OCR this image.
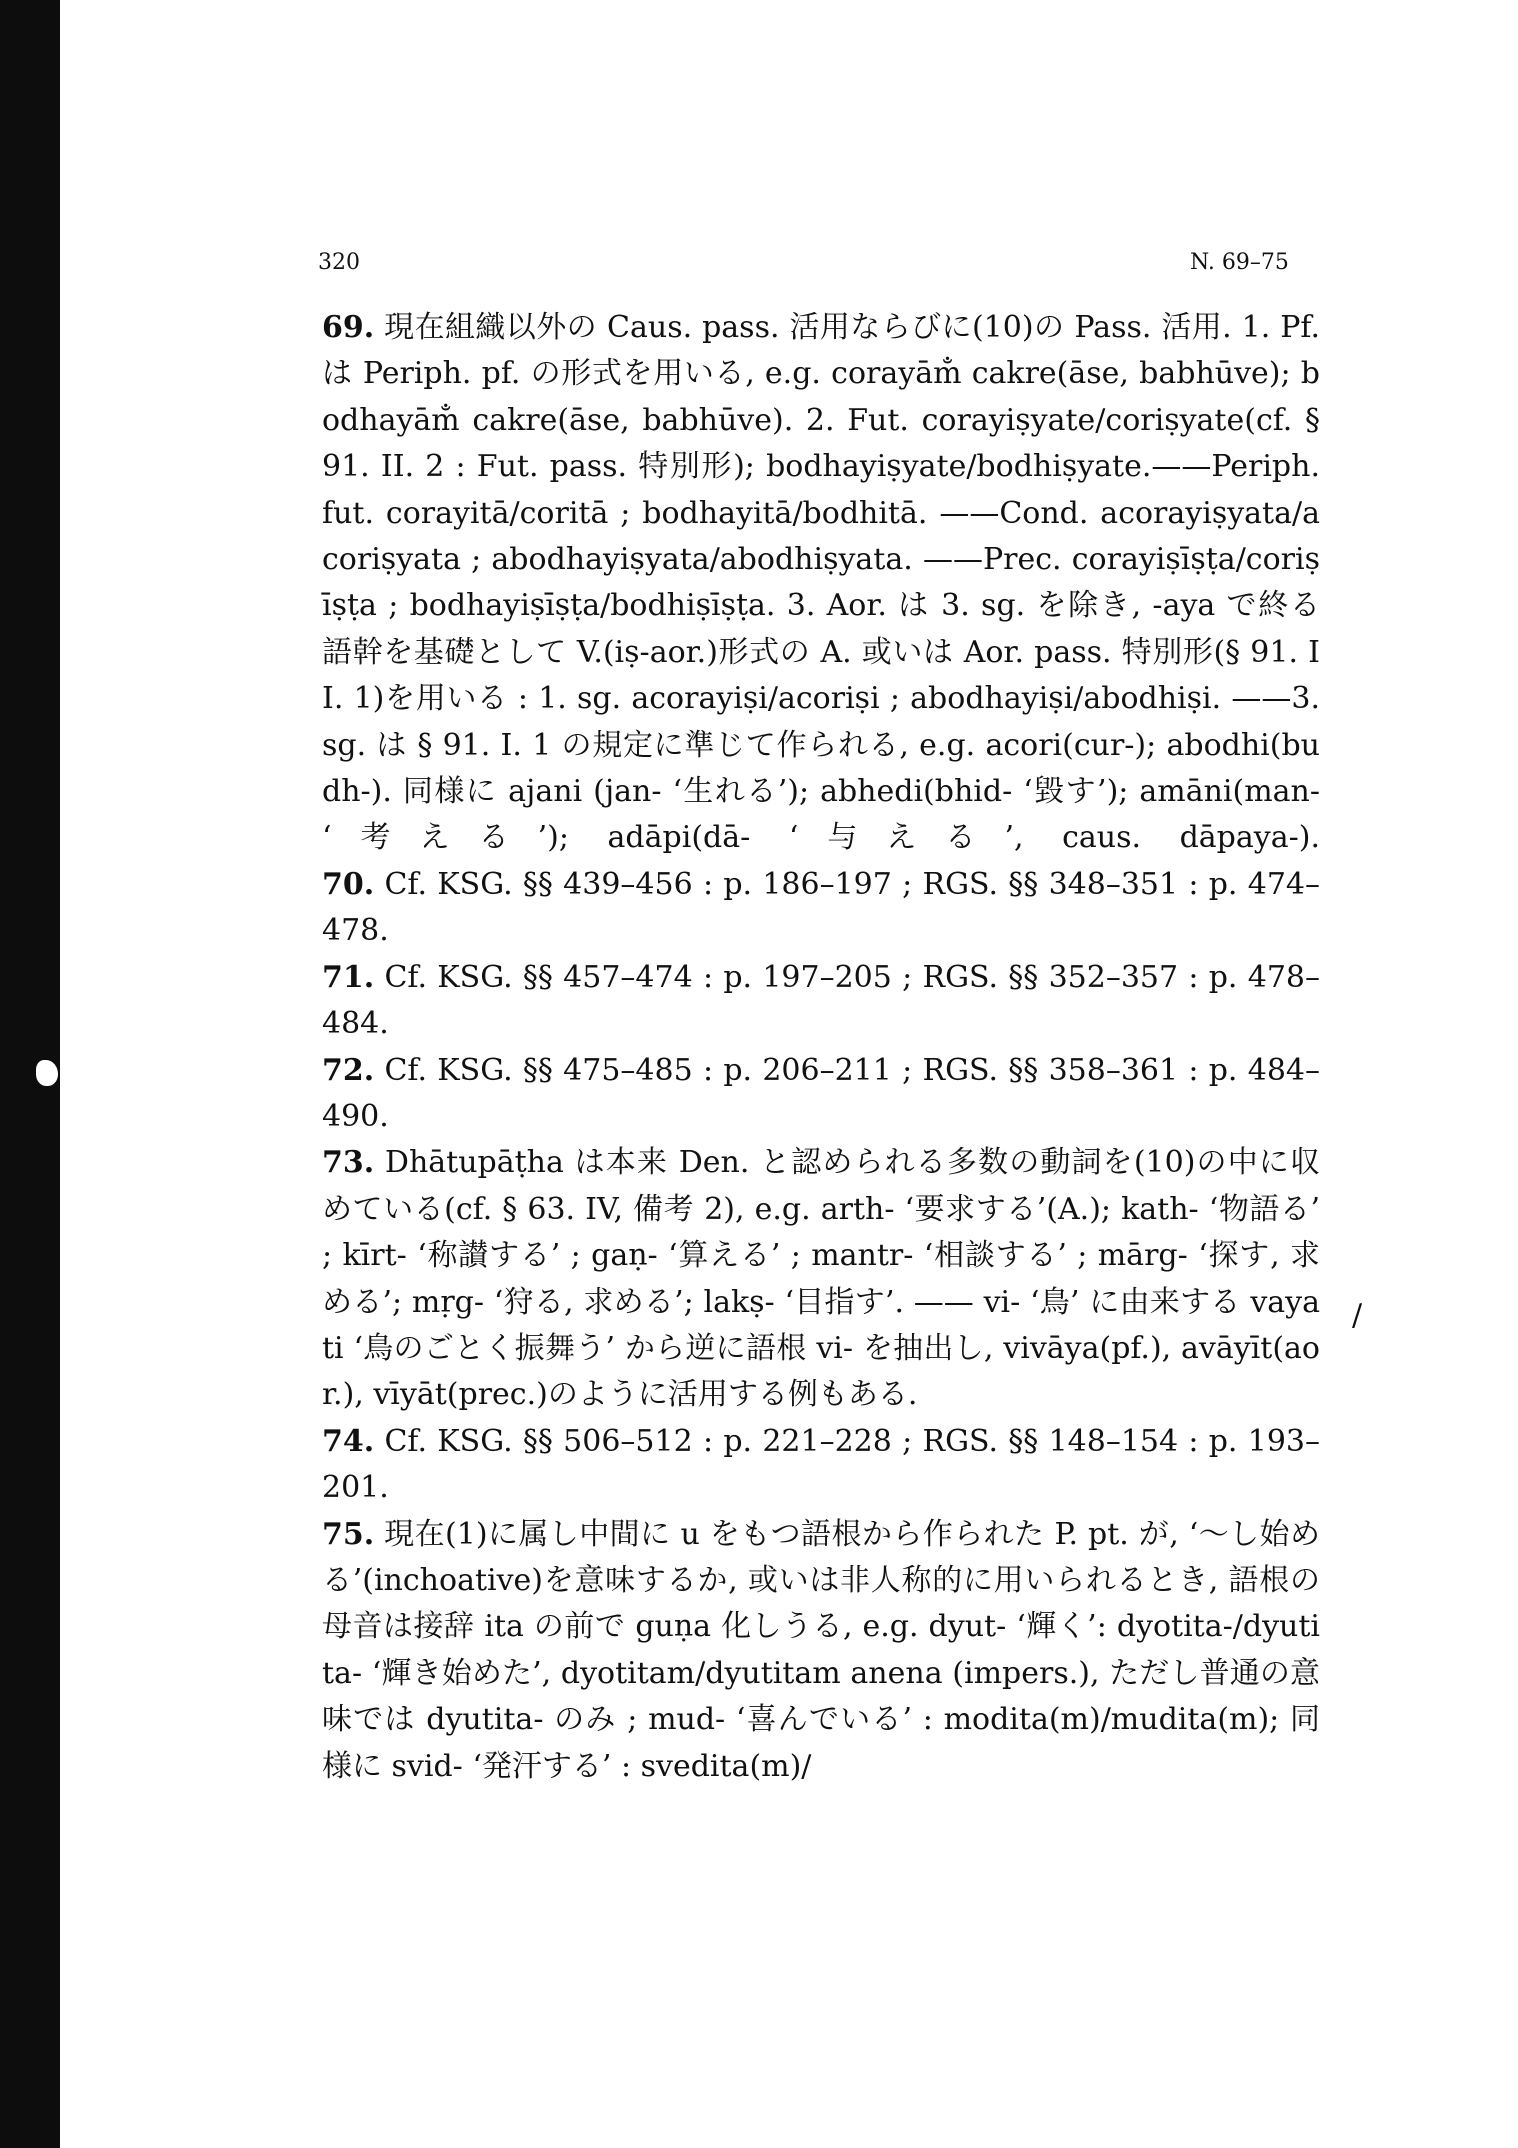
320	N. 69–75
/

69. 現在組織以外の Caus. pass. 活用ならびに(10)の Pass. 活用. 1. Pf. は Periph. pf. の形式を用いる, e.g. corayām̐ cakre(āse, babhūve); bodhayām̐ cakre(āse, babhūve). 2. Fut. corayiṣyate/coriṣyate(cf. § 91. II. 2 : Fut. pass. 特別形); bodhayiṣyate/bodhiṣyate.——Periph. fut. corayitā/coritā ; bodhayitā/bodhitā. ——Cond. acorayiṣyata/acoriṣyata ; abodhayiṣyata/abodhiṣyata. ——Prec. corayiṣīṣṭa/coriṣīṣṭa ; bodhayiṣīṣṭa/bodhiṣīṣṭa. 3. Aor. は 3. sg. を除き, -aya で終る語幹を基礎として V.(iṣ-aor.)形式の A. 或いは Aor. pass. 特別形(§ 91. II. 1)を用いる : 1. sg. acorayiṣi/acoriṣi ; abodhayiṣi/abodhiṣi. ——3. sg. は § 91. I. 1 の規定に準じて作られる, e.g. acori(cur-); abodhi(budh-). 同様に ajani (jan- ‘生れる’); abhedi(bhid- ‘毀す’); amāni(man- ‘考える’); adāpi(dā- ‘与える’, caus. dāpaya-).

70. Cf. KSG. §§ 439–456 : p. 186–197 ; RGS. §§ 348–351 : p. 474–478.

71. Cf. KSG. §§ 457–474 : p. 197–205 ; RGS. §§ 352–357 : p. 478–484.

72. Cf. KSG. §§ 475–485 : p. 206–211 ; RGS. §§ 358–361 : p. 484–490.

73. Dhātupāṭha は本来 Den. と認められる多数の動詞を(10)の中に収めている(cf. § 63. IV, 備考 2), e.g. arth- ‘要求する’(A.); kath- ‘物語る’ ; kīrt- ‘称讃する’ ; gaṇ- ‘算える’ ; mantr- ‘相談する’ ; mārg- ‘探す, 求める’; mṛg- ‘狩る, 求める’; lakṣ- ‘目指す’. —— vi- ‘鳥’ に由来する vayati ‘鳥のごとく振舞う’ から逆に語根 vi- を抽出し, vivāya(pf.), avāyīt(aor.), vīyāt(prec.)のように活用する例もある.

74. Cf. KSG. §§ 506–512 : p. 221–228 ; RGS. §§ 148–154 : p. 193–201.

75. 現在(1)に属し中間に u をもつ語根から作られた P. pt. が, ‘～し始める’(inchoative)を意味するか, 或いは非人称的に用いられるとき, 語根の母音は接辞 ita の前で guṇa 化しうる, e.g. dyut- ‘輝く’: dyotita-/dyutita- ‘輝き始めた’, dyotitam/dyutitam anena (impers.), ただし普通の意味では dyutita- のみ ; mud- ‘喜んでいる’ : modita(m)/mudita(m); 同様に svid- ‘発汗する’ : svedita(m)/
